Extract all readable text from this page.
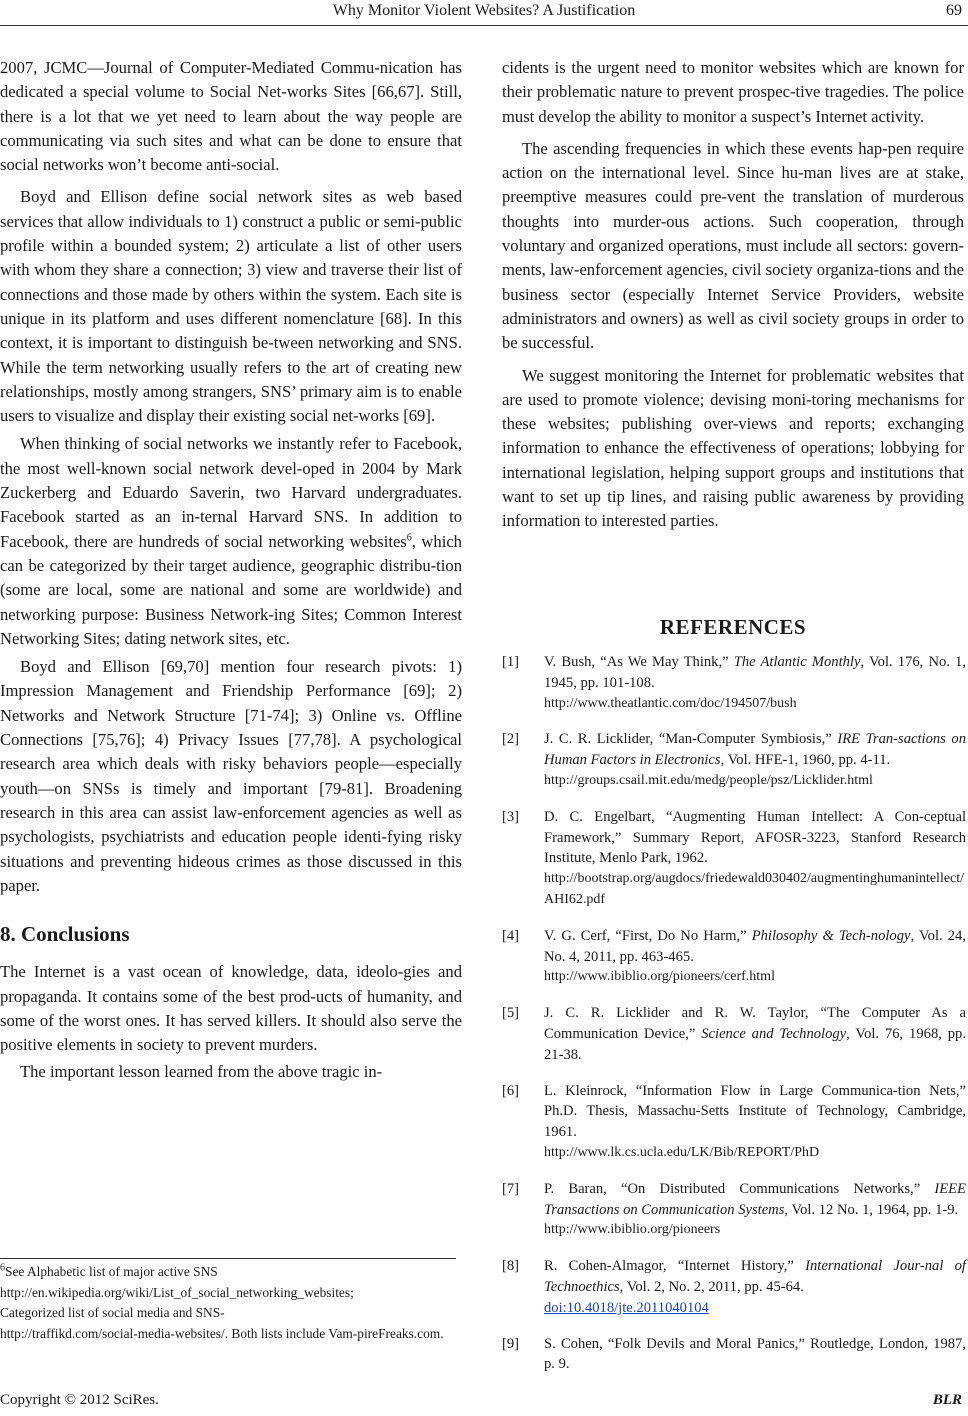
Why Monitor Violent Websites? A Justification	69

2007, JCMC—Journal of Computer-Mediated Commu-nication has dedicated a special volume to Social Net-works Sites [66,67]. Still, there is a lot that we yet need to learn about the way people are communicating via such sites and what can be done to ensure that social networks won’t become anti-social.

Boyd and Ellison define social network sites as web based services that allow individuals to 1) construct a public or semi-public profile within a bounded system; 2) articulate a list of other users with whom they share a connection; 3) view and traverse their list of connections and those made by others within the system. Each site is unique in its platform and uses different nomenclature [68]. In this context, it is important to distinguish be-tween networking and SNS. While the term networking usually refers to the art of creating new relationships, mostly among strangers, SNS’ primary aim is to enable users to visualize and display their existing social net-works [69].

When thinking of social networks we instantly refer to Facebook, the most well-known social network devel-oped in 2004 by Mark Zuckerberg and Eduardo Saverin, two Harvard undergraduates. Facebook started as an in-ternal Harvard SNS. In addition to Facebook, there are hundreds of social networking websites$^6$, which can be categorized by their target audience, geographic distribu-tion (some are local, some are national and some are worldwide) and networking purpose: Business Network-ing Sites; Common Interest Networking Sites; dating network sites, etc.

Boyd and Ellison [69,70] mention four research pivots: 1) Impression Management and Friendship Performance [69]; 2) Networks and Network Structure [71-74]; 3) Online vs. Offline Connections [75,76]; 4) Privacy Issues [77,78]. A psychological research area which deals with risky behaviors people—especially youth—on SNSs is timely and important [79-81]. Broadening research in this area can assist law-enforcement agencies as well as psychologists, psychiatrists and education people identi-fying risky situations and preventing hideous crimes as those discussed in this paper.

8. Conclusions

The Internet is a vast ocean of knowledge, data, ideolo-gies and propaganda. It contains some of the best prod-ucts of humanity, and some of the worst ones. It has served killers. It should also serve the positive elements in society to prevent murders.

The important lesson learned from the above tragic in-

cidents is the urgent need to monitor websites which are known for their problematic nature to prevent prospec-tive tragedies. The police must develop the ability to monitor a suspect’s Internet activity.

The ascending frequencies in which these events hap-pen require action on the international level. Since hu-man lives are at stake, preemptive measures could pre-vent the translation of murderous thoughts into murder-ous actions. Such cooperation, through voluntary and organized operations, must include all sectors: govern-ments, law-enforcement agencies, civil society organiza-tions and the business sector (especially Internet Service Providers, website administrators and owners) as well as civil society groups in order to be successful.

We suggest monitoring the Internet for problematic websites that are used to promote violence; devising moni-toring mechanisms for these websites; publishing over-views and reports; exchanging information to enhance the effectiveness of operations; lobbying for international legislation, helping support groups and institutions that want to set up tip lines, and raising public awareness by providing information to interested parties.

REFERENCES
[1] V. Bush, “As We May Think,” The Atlantic Monthly, Vol. 176, No. 1, 1945, pp. 101-108.
http://www.theatlantic.com/doc/194507/bush
[2] J. C. R. Licklider, “Man-Computer Symbiosis,” IRE Tran-sactions on Human Factors in Electronics, Vol. HFE-1, 1960, pp. 4-11.
http://groups.csail.mit.edu/medg/people/psz/Licklider.html
[3] D. C. Engelbart, “Augmenting Human Intellect: A Con-ceptual Framework,” Summary Report, AFOSR-3223, Stanford Research Institute, Menlo Park, 1962.
http://bootstrap.org/augdocs/friedewald030402/augmentinghumanintellect/AHI62.pdf
[4] V. G. Cerf, “First, Do No Harm,” Philosophy & Tech-nology, Vol. 24, No. 4, 2011, pp. 463-465.
http://www.ibiblio.org/pioneers/cerf.html
[5] J. C. R. Licklider and R. W. Taylor, “The Computer As a Communication Device,” Science and Technology, Vol. 76, 1968, pp. 21-38.
[6] L. Kleinrock, “Information Flow in Large Communica-tion Nets,” Ph.D. Thesis, Massachu-Setts Institute of Technology, Cambridge, 1961.
http://www.lk.cs.ucla.edu/LK/Bib/REPORT/PhD
[7] P. Baran, “On Distributed Communications Networks,” IEEE Transactions on Communication Systems, Vol. 12 No. 1, 1964, pp. 1-9.
http://www.ibiblio.org/pioneers
[8] R. Cohen-Almagor, “Internet History,” International Jour-nal of Technoethics, Vol. 2, No. 2, 2011, pp. 45-64.
doi:10.4018/jte.2011040104
[9] S. Cohen, “Folk Devils and Moral Panics,” Routledge, London, 1987, p. 9.
$^6$See Alphabetic list of major active SNS
http://en.wikipedia.org/wiki/List_of_social_networking_websites;
Categorized list of social media and SNS-
http://traffikd.com/social-media-websites/. Both lists include Vam-pireFreaks.com.
Copyright © 2012 SciRes.	BLR
